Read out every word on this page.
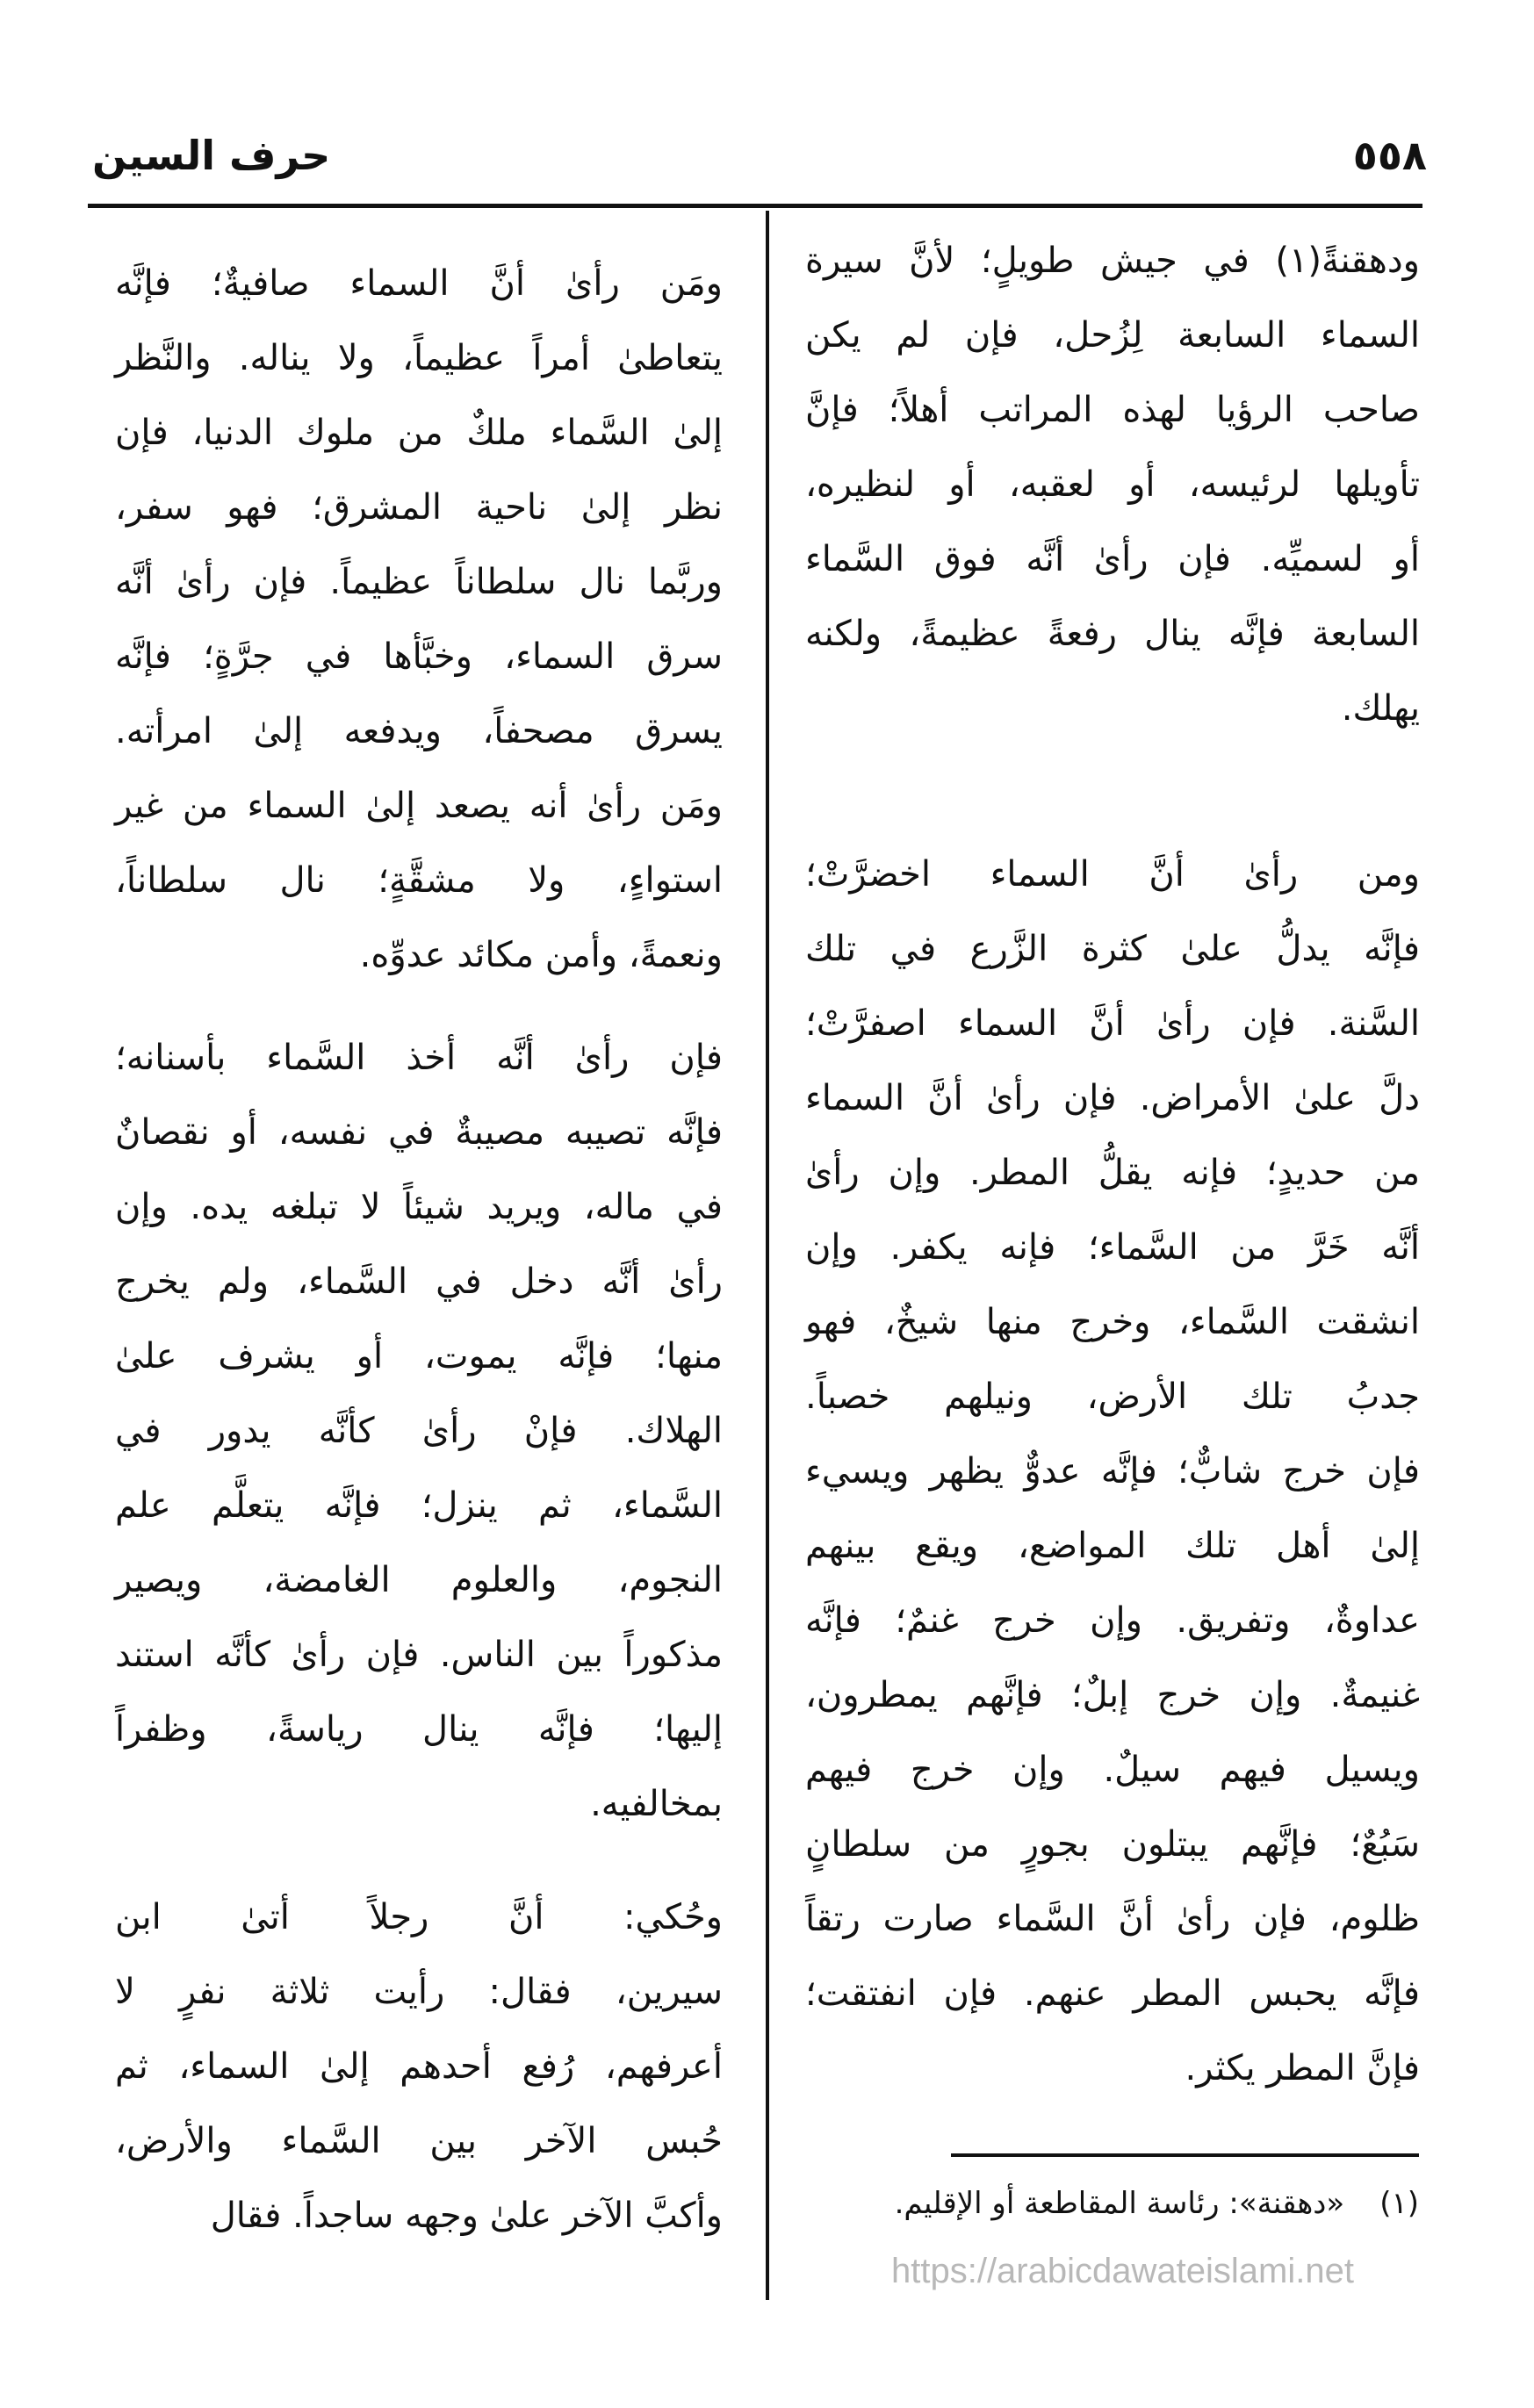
٥٥٨
حرف السين
ودهقنةً(١) في جيش طويلٍ؛ لأنَّ سيرة
السماء السابعة لِزُحل، فإن لم يكن
صاحب الرؤيا لهذه المراتب أهلاً؛ فإنَّ
تأويلها لرئيسه، أو لعقبه، أو لنظيره،
أو لسميِّه. فإن رأىٰ أنَّه فوق السَّماء
السابعة فإنَّه ينال رفعةً عظيمةً، ولكنه
يهلك.
ومن رأىٰ أنَّ السماء اخضرَّتْ؛
فإنَّه يدلُّ علىٰ كثرة الزَّرع في تلك
السَّنة. فإن رأىٰ أنَّ السماء اصفرَّتْ؛
دلَّ علىٰ الأمراض. فإن رأىٰ أنَّ السماء
من حديدٍ؛ فإنه يقلُّ المطر. وإن رأىٰ
أنَّه خَرَّ من السَّماء؛ فإنه يكفر. وإن
انشقت السَّماء، وخرج منها شيخٌ، فهو
جدبُ تلك الأرض، ونيلهم خصباً.
فإن خرج شابٌّ؛ فإنَّه عدوٌّ يظهر ويسيء
إلىٰ أهل تلك المواضع، ويقع بينهم
عداوةٌ، وتفريق. وإن خرج غنمٌ؛ فإنَّه
غنيمةٌ. وإن خرج إبلٌ؛ فإنَّهم يمطرون،
ويسيل فيهم سيلٌ. وإن خرج فيهم
سَبُعٌ؛ فإنَّهم يبتلون بجورٍ من سلطانٍ
ظلوم، فإن رأىٰ أنَّ السَّماء صارت رتقاً
فإنَّه يحبس المطر عنهم. فإن انفتقت؛
فإنَّ المطر يكثر.
ومَن رأىٰ أنَّ السماء صافيةٌ؛ فإنَّه
يتعاطىٰ أمراً عظيماً، ولا يناله. والنَّظر
إلىٰ السَّماء ملكٌ من ملوك الدنيا، فإن
نظر إلىٰ ناحية المشرق؛ فهو سفر،
وربَّما نال سلطاناً عظيماً. فإن رأىٰ أنَّه
سرق السماء، وخبَّأها في جرَّةٍ؛ فإنَّه
يسرق مصحفاً، ويدفعه إلىٰ امرأته.
ومَن رأىٰ أنه يصعد إلىٰ السماء من غير
استواءٍ، ولا مشقَّةٍ؛ نال سلطاناً،
ونعمةً، وأمن مكائد عدوِّه.
فإن رأىٰ أنَّه أخذ السَّماء بأسنانه؛
فإنَّه تصيبه مصيبةٌ في نفسه، أو نقصانٌ
في ماله، ويريد شيئاً لا تبلغه يده. وإن
رأىٰ أنَّه دخل في السَّماء، ولم يخرج
منها؛ فإنَّه يموت، أو يشرف علىٰ
الهلاك. فإنْ رأىٰ كأنَّه يدور في
السَّماء، ثم ينزل؛ فإنَّه يتعلَّم علم
النجوم، والعلوم الغامضة، ويصير
مذكوراً بين الناس. فإن رأىٰ كأنَّه استند
إليها؛ فإنَّه ينال رياسةً، وظفراً
بمخالفيه.
وحُكي: أنَّ رجلاً أتىٰ ابن
سيرين، فقال: رأيت ثلاثة نفرٍ لا
أعرفهم، رُفع أحدهم إلىٰ السماء، ثم
حُبس الآخر بين السَّماء والأرض،
وأكبَّ الآخر علىٰ وجهه ساجداً. فقال	(١)«دهقنة»: رئاسة المقاطعة أو الإقليم.
https://arabicdawateislami.net
